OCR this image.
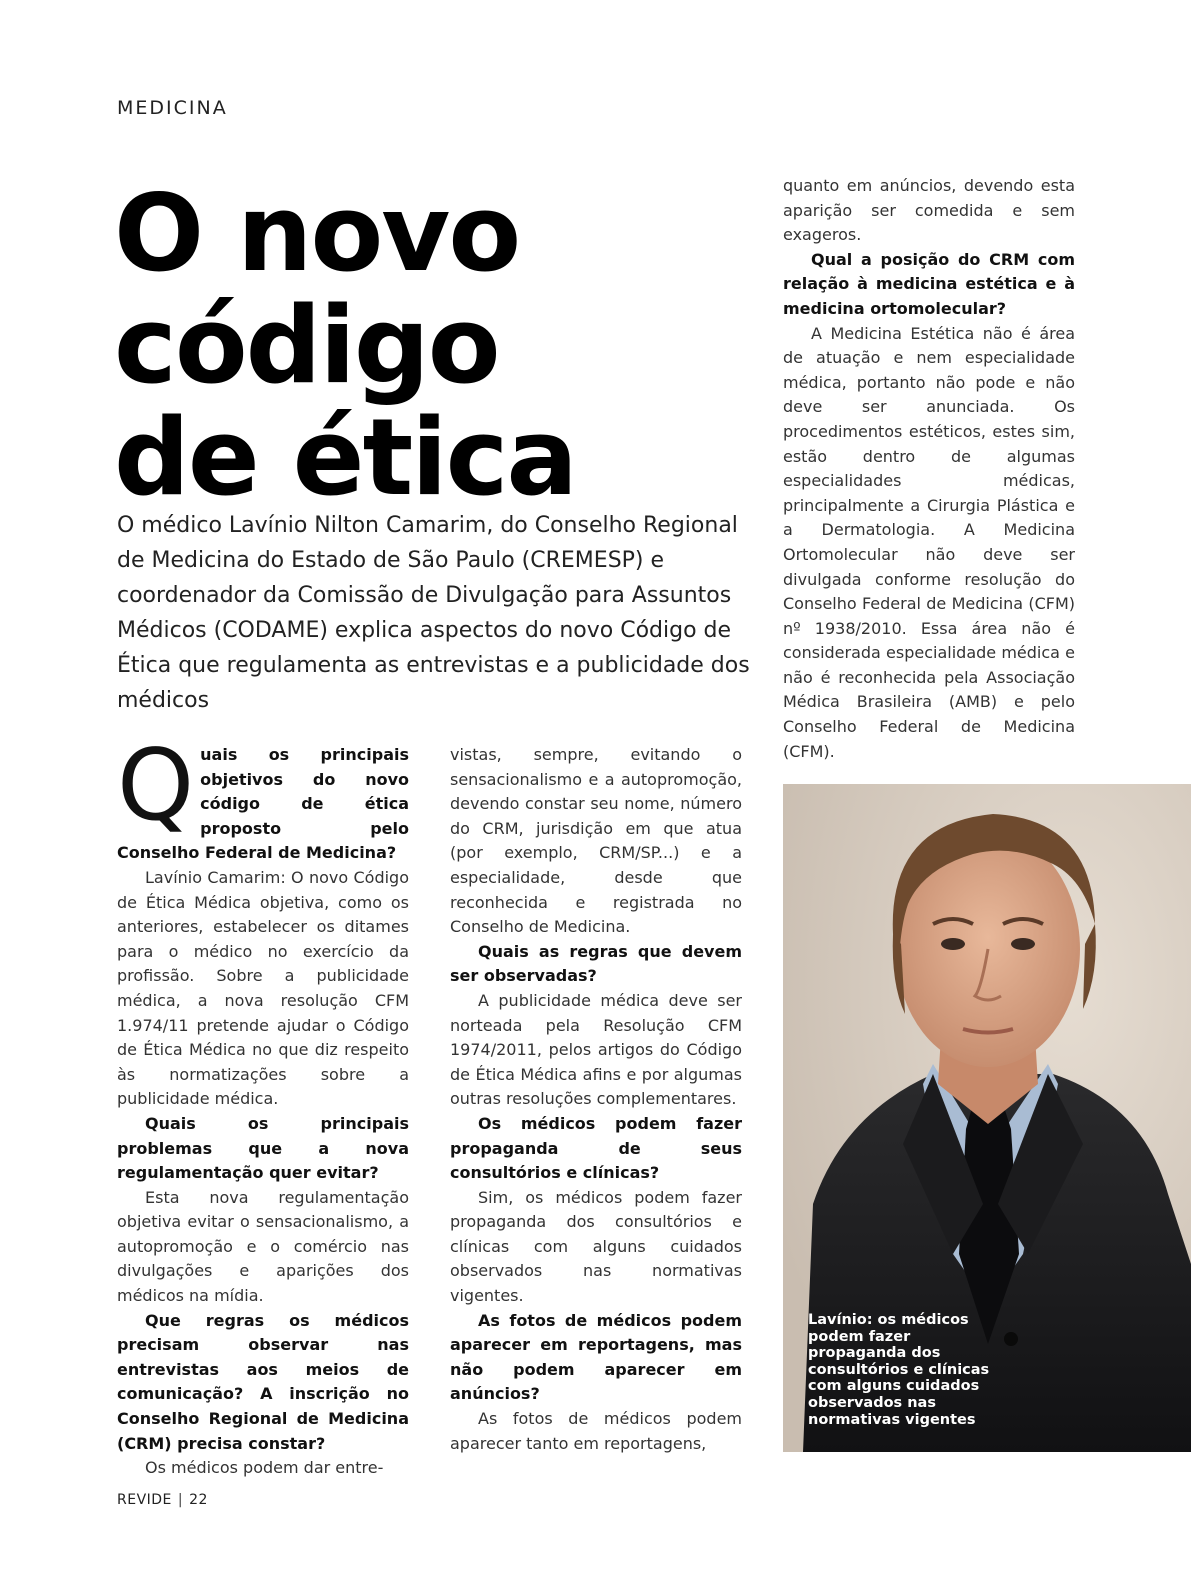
MEDICINA
O novo
código
de ética
O médico Lavínio Nilton Camarim, do Conselho Regional de Medicina do Estado de São Paulo (CREMESP) e coordenador da Comissão de Divulgação para Assuntos Médicos (CODAME) explica aspectos do novo Código de Ética que regulamenta as entrevistas e a publicidade dos médicos

Quais os principais objetivos do novo código de ética proposto pelo Conselho Federal de Medicina?

Lavínio Camarim: O novo Código de Ética Médica objetiva, como os anteriores, estabelecer os ditames para o médico no exercício da profissão. Sobre a publicidade médica, a nova resolução CFM 1.974/11 pretende ajudar o Código de Ética Médica no que diz respeito às normatizações sobre a publicidade médica.

Quais os principais problemas que a nova regulamentação quer evitar?

Esta nova regulamentação objetiva evitar o sensacionalismo, a autopromoção e o comércio nas divulgações e aparições dos médicos na mídia.

Que regras os médicos precisam observar nas entrevistas aos meios de comunicação? A inscrição no Conselho Regional de Medicina (CRM) precisa constar?

Os médicos podem dar entre-

vistas, sempre, evitando o sensacionalismo e a autopromoção, devendo constar seu nome, número do CRM, jurisdição em que atua (por exemplo, CRM/SP...) e a especialidade, desde que reconhecida e registrada no Conselho de Medicina.

Quais as regras que devem ser observadas?

A publicidade médica deve ser norteada pela Resolução CFM 1974/2011, pelos artigos do Código de Ética Médica afins e por algumas outras resoluções complementares.

Os médicos podem fazer propaganda de seus consultórios e clínicas?

Sim, os médicos podem fazer propaganda dos consultórios e clínicas com alguns cuidados observados nas normativas vigentes.

As fotos de médicos podem aparecer em reportagens, mas não podem aparecer em anúncios?

As fotos de médicos podem aparecer tanto em reportagens,

quanto em anúncios, devendo esta aparição ser comedida e sem exageros.

Qual a posição do CRM com relação à medicina estética e à medicina ortomolecular?

A Medicina Estética não é área de atuação e nem especialidade médica, portanto não pode e não deve ser anunciada. Os procedimentos estéticos, estes sim, estão dentro de algumas especialidades médicas, principalmente a Cirurgia Plástica e a Dermatologia. A Medicina Ortomolecular não deve ser divulgada conforme resolução do Conselho Federal de Medicina (CFM) nº 1938/2010. Essa área não é considerada especialidade médica e não é reconhecida pela Associação Médica Brasileira (AMB) e pelo Conselho Federal de Medicina (CFM).

Lavínio: os médicos podem fazer propaganda dos consultórios e clínicas com alguns cuidados observados nas normativas vigentes
REVIDE | 22
